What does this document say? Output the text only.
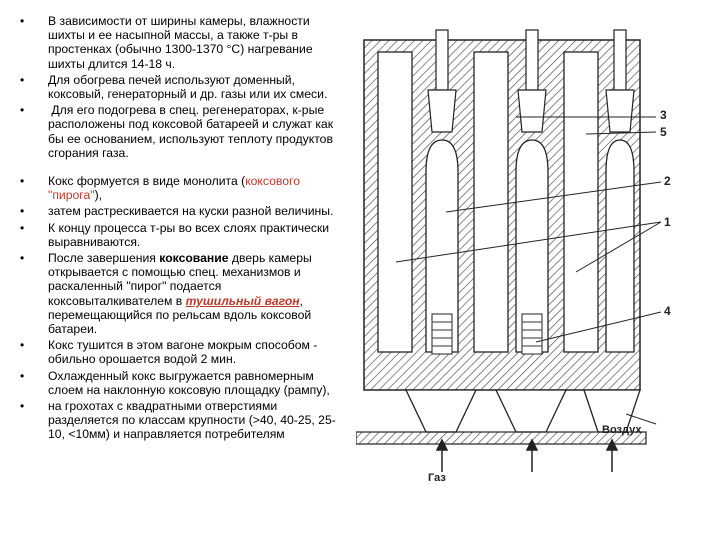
• В зависимости от ширины камеры, влажности шихты и ее насыпной массы, а также т-ры в простенках (обычно 1300-1370 °С) нагревание шихты длится 14-18 ч.
• Для обогрева печей используют доменный, коксовый, генераторный и др. газы или их смеси.
•  Для его подогрева в спец. регенераторах, к-рые расположены под коксовой батареей и служат как бы ее основанием, используют теплоту продуктов сгорания газа.
• Кокс формуется в виде монолита (коксового "пирога"),
• затем растрескивается на куски разной величины.
• К концу процесса т-ры во всех слоях практически выравниваются.
• После завершения коксование дверь камеры открывается с помощью спец. механизмов и раскаленный "пирог" подается коксовыталкивателем в тушильный вагон, перемещающийся по рельсам вдоль коксовой батареи.
• Кокс тушится в этом вагоне мокрым способом - обильно орошается водой 2 мин.
• Охлажденный кокс выгружается равномерным слоем на наклонную коксовую площадку (рампу),
• на грохотах с квадратными отверстиями разделяется по классам крупности (>40, 40-25, 25-10, <10мм) и направляется потребителям
3
5
2
1
4
Воздух
Газ
